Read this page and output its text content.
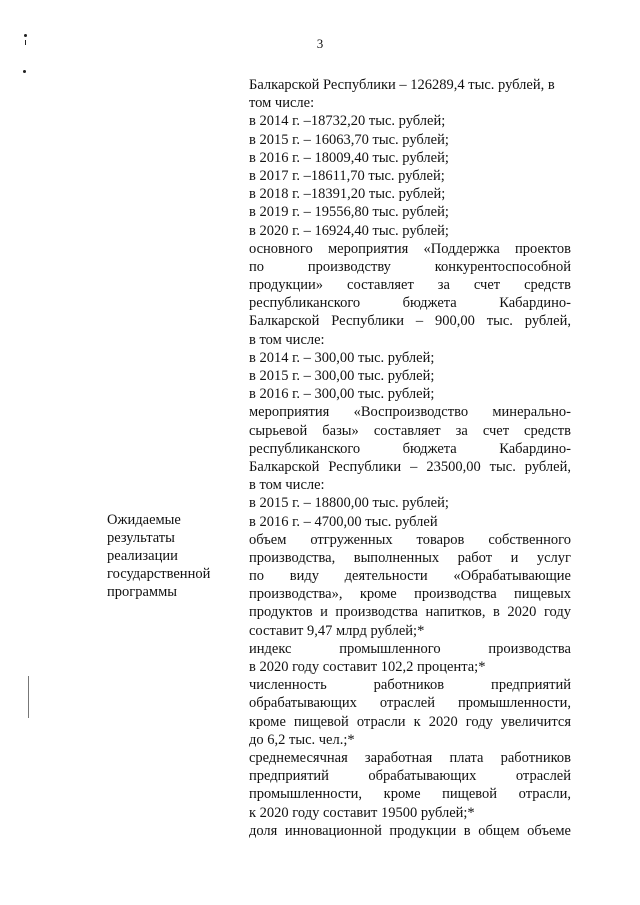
3
Ожидаемые
результаты
реализации
государственной
программы
Балкарской Республики – 126289,4 тыс. рублей, в
том числе:
в 2014 г. –18732,20 тыс. рублей;
в 2015 г. – 16063,70 тыс. рублей;
в 2016 г. – 18009,40 тыс. рублей;
в 2017 г. –18611,70 тыс. рублей;
в 2018 г. –18391,20 тыс. рублей;
в 2019 г. – 19556,80 тыс. рублей;
в 2020 г. – 16924,40 тыс. рублей;
основного мероприятия «Поддержка проектов
по производству конкурентоспособной
продукции» составляет за счет средств
республиканского бюджета Кабардино-
Балкарской Республики – 900,00 тыс. рублей,
в том числе:
в 2014 г. – 300,00 тыс. рублей;
в 2015 г. – 300,00 тыс. рублей;
в 2016 г. – 300,00 тыс. рублей;
мероприятия «Воспроизводство минерально-
сырьевой базы» составляет за счет средств
республиканского бюджета Кабардино-
Балкарской Республики – 23500,00 тыс. рублей,
в том числе:
в 2015 г. – 18800,00 тыс. рублей;
в 2016 г. – 4700,00 тыс. рублей
объем отгруженных товаров собственного
производства, выполненных работ и услуг
по виду деятельности «Обрабатывающие
производства», кроме производства пищевых
продуктов и производства напитков, в 2020 году
составит 9,47 млрд рублей;*
индекс промышленного производства
в 2020 году составит 102,2 процента;*
численность работников предприятий
обрабатывающих отраслей промышленности,
кроме пищевой отрасли к 2020 году увеличится
до 6,2 тыс. чел.;*
среднемесячная заработная плата работников
предприятий обрабатывающих отраслей
промышленности, кроме пищевой отрасли,
к 2020 году составит 19500 рублей;*
доля инновационной продукции в общем объеме
